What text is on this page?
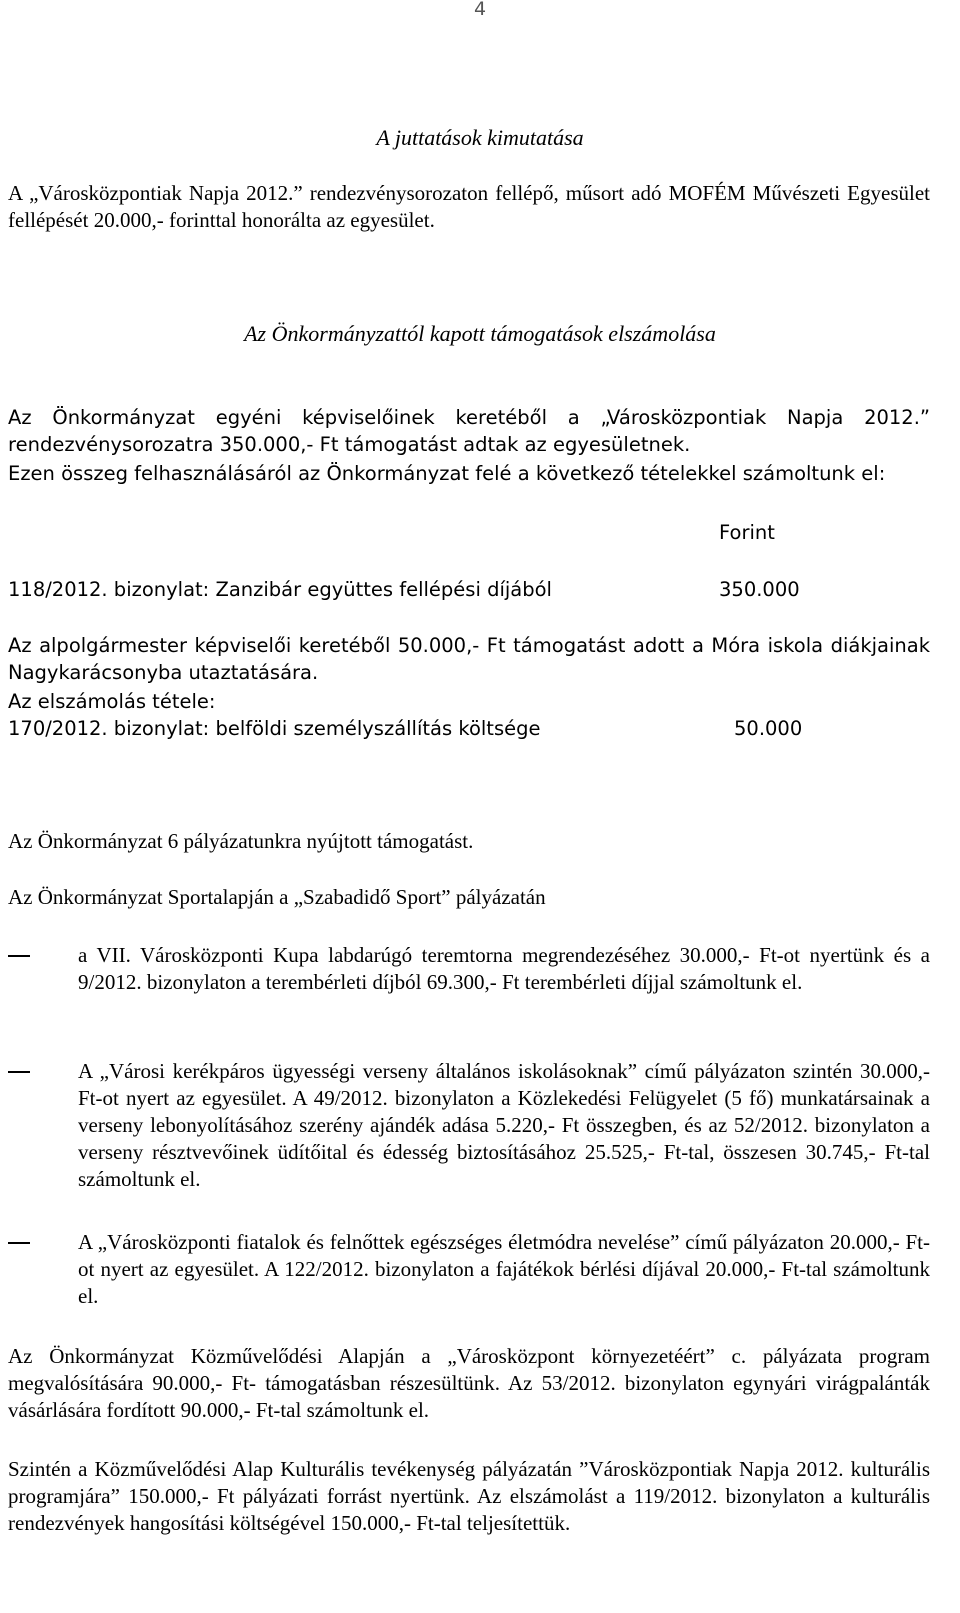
4
A juttatások kimutatása

A „Városközpontiak Napja 2012.” rendezvénysorozaton fellépő, műsort adó MOFÉM Művészeti Egyesület fellépését 20.000,- forinttal honorálta az egyesület.

Az Önkormányzattól kapott támogatások elszámolása

Az Önkormányzat egyéni képviselőinek keretéből a „Városközpontiak Napja 2012.” rendezvénysorozatra 350.000,- Ft támogatást adtak az egyesületnek.

Ezen összeg felhasználásáról az Önkormányzat felé a következő tételekkel számoltunk el:

Forint
118/2012. bizonylat: Zanzibár együttes fellépési díjából	350.000

Az alpolgármester képviselői keretéből 50.000,- Ft támogatást adott a Móra iskola diákjainak Nagykarácsonyba utaztatására.

Az elszámolás tétele:
170/2012. bizonylat: belföldi személyszállítás költsége	50.000

Az Önkormányzat 6 pályázatunkra nyújtott támogatást.

Az Önkormányzat Sportalapján a „Szabadidő Sport” pályázatán

a VII. Városközponti Kupa labdarúgó teremtorna megrendezéséhez 30.000,- Ft-ot nyertünk és a 9/2012. bizonylaton a terembérleti díjból 69.300,- Ft terembérleti díjjal számoltunk el.

A „Városi kerékpáros ügyességi verseny általános iskolásoknak” című pályázaton szintén 30.000,- Ft-ot nyert az egyesület. A 49/2012. bizonylaton a Közlekedési Felügyelet (5 fő) munkatársainak a verseny lebonyolításához szerény ajándék adása 5.220,- Ft összegben, és az 52/2012. bizonylaton a verseny résztvevőinek üdítőital és édesség biztosításához 25.525,- Ft-tal, összesen 30.745,- Ft-tal számoltunk el.

A „Városközponti fiatalok és felnőttek egészséges életmódra nevelése” című pályázaton 20.000,- Ft-ot nyert az egyesület. A 122/2012. bizonylaton a fajátékok bérlési díjával 20.000,- Ft-tal számoltunk el.

Az Önkormányzat Közművelődési Alapján a „Városközpont környezetéért” c. pályázata program megvalósítására 90.000,- Ft- támogatásban részesültünk. Az 53/2012. bizonylaton egynyári virágpalánták vásárlására fordított 90.000,- Ft-tal számoltunk el.

Szintén a Közművelődési Alap Kulturális tevékenység pályázatán ”Városközpontiak Napja 2012. kulturális programjára” 150.000,- Ft pályázati forrást nyertünk. Az elszámolást a 119/2012. bizonylaton a kulturális rendezvények hangosítási költségével 150.000,- Ft-tal teljesítettük.
